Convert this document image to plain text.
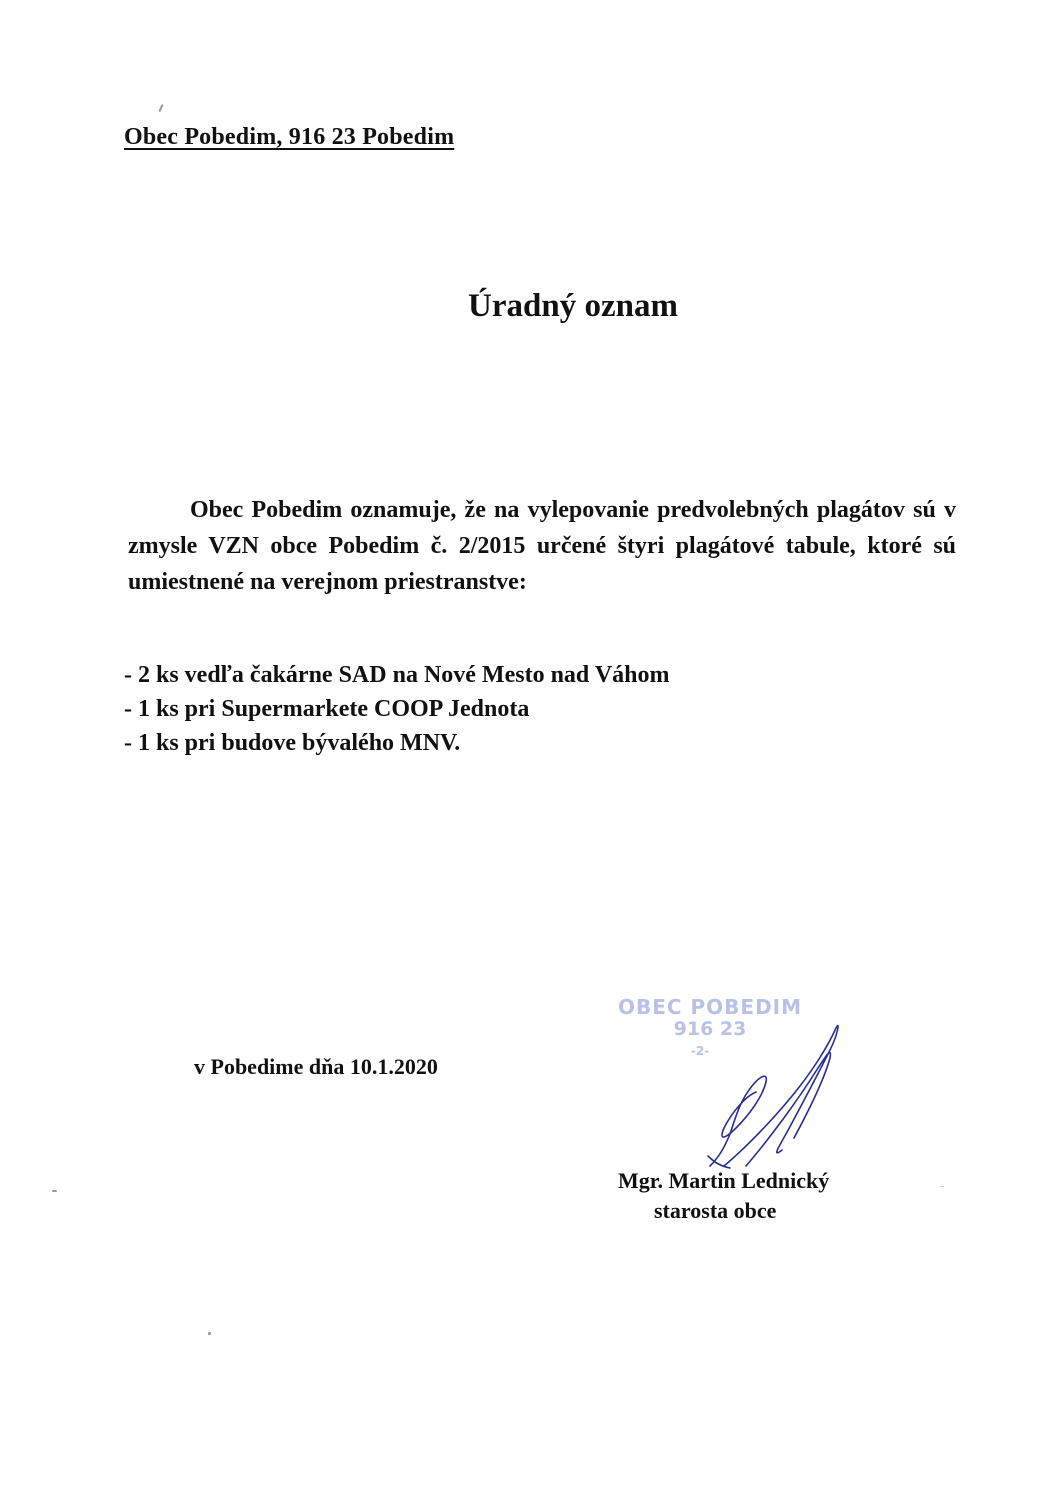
Obec Pobedim, 916 23 Pobedim
Úradný oznam

Obec Pobedim oznamuje, že na vylepovanie predvolebných plagátov sú v zmysle VZN obce Pobedim č. 2/2015 určené štyri plagátové tabule, ktoré sú umiestnené na verejnom priestranstve:

- 2 ks vedľa čakárne SAD na Nové Mesto nad Váhom
- 1 ks pri Supermarkete COOP Jednota
- 1 ks pri budove bývalého MNV.
v Pobedime dňa 10.1.2020
OBEC POBEDIM
916 23
-2-
Mgr. Martin Lednický
starosta obce
